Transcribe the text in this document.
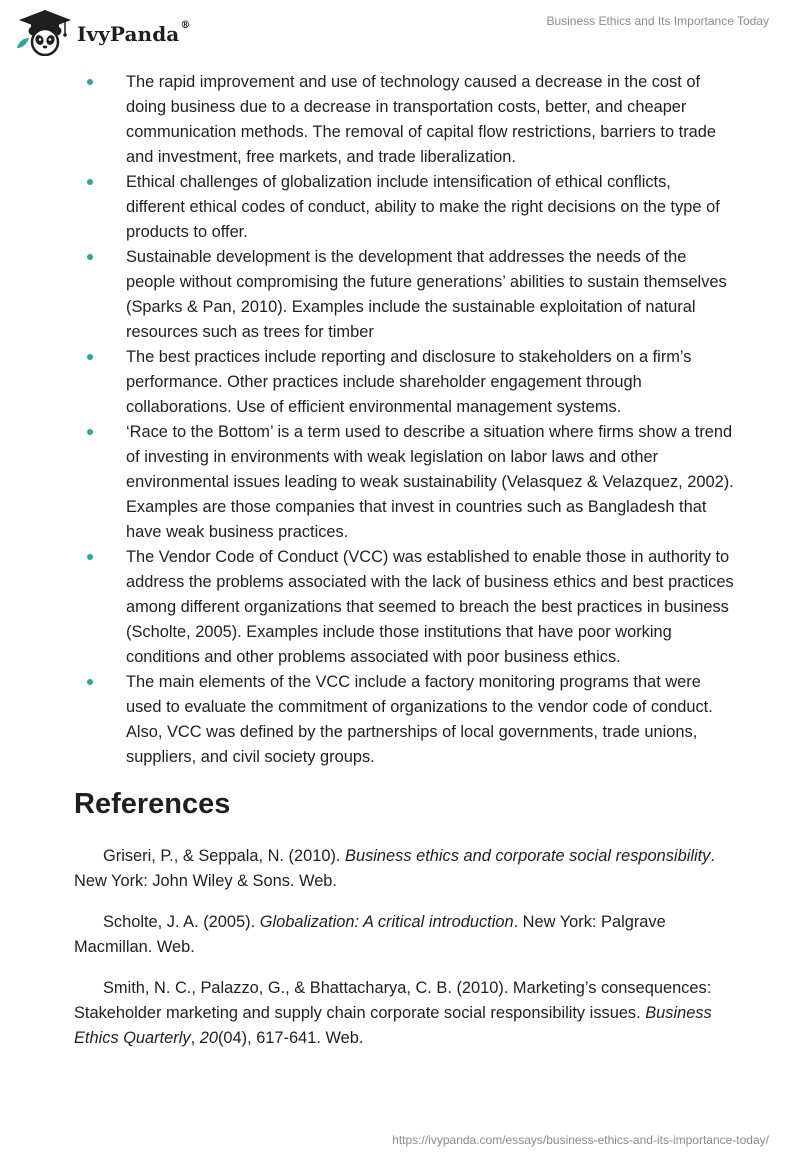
IvyPanda®	Business Ethics and Its Importance Today
The rapid improvement and use of technology caused a decrease in the cost of doing business due to a decrease in transportation costs, better, and cheaper communication methods. The removal of capital flow restrictions, barriers to trade and investment, free markets, and trade liberalization.
Ethical challenges of globalization include intensification of ethical conflicts, different ethical codes of conduct, ability to make the right decisions on the type of products to offer.
Sustainable development is the development that addresses the needs of the people without compromising the future generations’ abilities to sustain themselves (Sparks & Pan, 2010). Examples include the sustainable exploitation of natural resources such as trees for timber
The best practices include reporting and disclosure to stakeholders on a firm’s performance. Other practices include shareholder engagement through collaborations. Use of efficient environmental management systems.
‘Race to the Bottom’ is a term used to describe a situation where firms show a trend of investing in environments with weak legislation on labor laws and other environmental issues leading to weak sustainability (Velasquez & Velazquez, 2002). Examples are those companies that invest in countries such as Bangladesh that have weak business practices.
The Vendor Code of Conduct (VCC) was established to enable those in authority to address the problems associated with the lack of business ethics and best practices among different organizations that seemed to breach the best practices in business (Scholte, 2005). Examples include those institutions that have poor working conditions and other problems associated with poor business ethics.
The main elements of the VCC include a factory monitoring programs that were used to evaluate the commitment of organizations to the vendor code of conduct. Also, VCC was defined by the partnerships of local governments, trade unions, suppliers, and civil society groups.
References

Griseri, P., & Seppala, N. (2010). Business ethics and corporate social responsibility. New York: John Wiley & Sons. Web.

Scholte, J. A. (2005). Globalization: A critical introduction. New York: Palgrave Macmillan. Web.

Smith, N. C., Palazzo, G., & Bhattacharya, C. B. (2010). Marketing’s consequences: Stakeholder marketing and supply chain corporate social responsibility issues. Business Ethics Quarterly, 20(04), 617-641. Web.

https://ivypanda.com/essays/business-ethics-and-its-importance-today/
